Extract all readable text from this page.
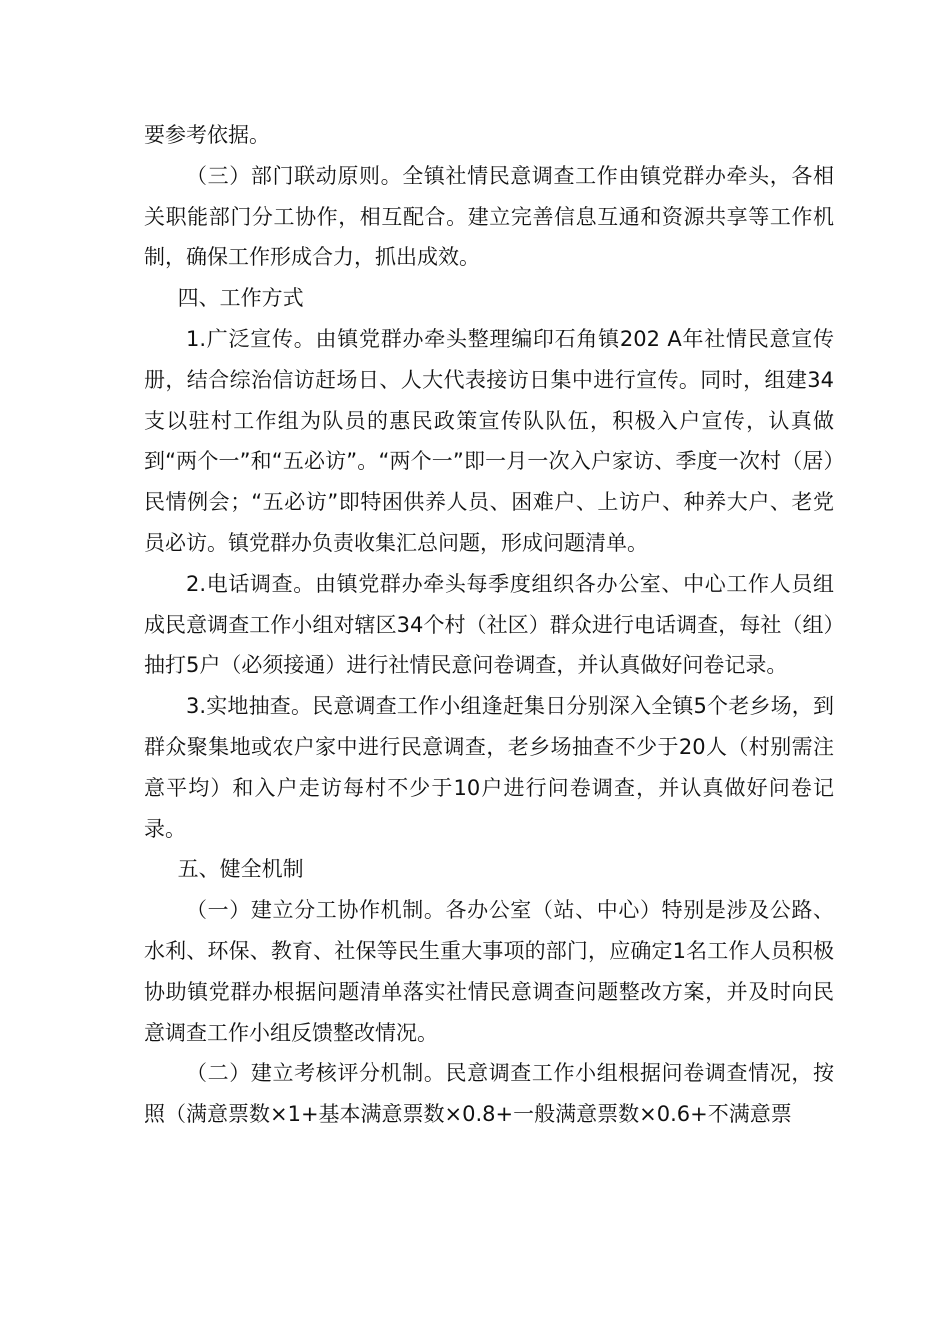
要参考依据。

（三）部门联动原则。全镇社情民意调查工作由镇党群办牵头，各相关职能部门分工协作，相互配合。建立完善信息互通和资源共享等工作机制，确保工作形成合力，抓出成效。

四、工作方式

1.广泛宣传。由镇党群办牵头整理编印石角镇202 A年社情民意宣传册，结合综治信访赶场日、人大代表接访日集中进行宣传。同时，组建34支以驻村工作组为队员的惠民政策宣传队队伍，积极入户宣传，认真做到“两个一”和“五必访”。“两个一”即一月一次入户家访、季度一次村（居）民情例会；“五必访”即特困供养人员、困难户、上访户、种养大户、老党员必访。镇党群办负责收集汇总问题，形成问题清单。

2.电话调查。由镇党群办牵头每季度组织各办公室、中心工作人员组成民意调查工作小组对辖区34个村（社区）群众进行电话调查，每社（组）抽打5户（必须接通）进行社情民意问卷调查，并认真做好问卷记录。

3.实地抽查。民意调查工作小组逢赶集日分别深入全镇5个老乡场，到群众聚集地或农户家中进行民意调查，老乡场抽查不少于20人（村别需注意平均）和入户走访每村不少于10户进行问卷调查，并认真做好问卷记录。

五、健全机制

（一）建立分工协作机制。各办公室（站、中心）特别是涉及公路、水利、环保、教育、社保等民生重大事项的部门，应确定1名工作人员积极协助镇党群办根据问题清单落实社情民意调查问题整改方案，并及时向民意调查工作小组反馈整改情况。

（二）建立考核评分机制。民意调查工作小组根据问卷调查情况，按照（满意票数×1+基本满意票数×0.8+一般满意票数×0.6+不满意票
